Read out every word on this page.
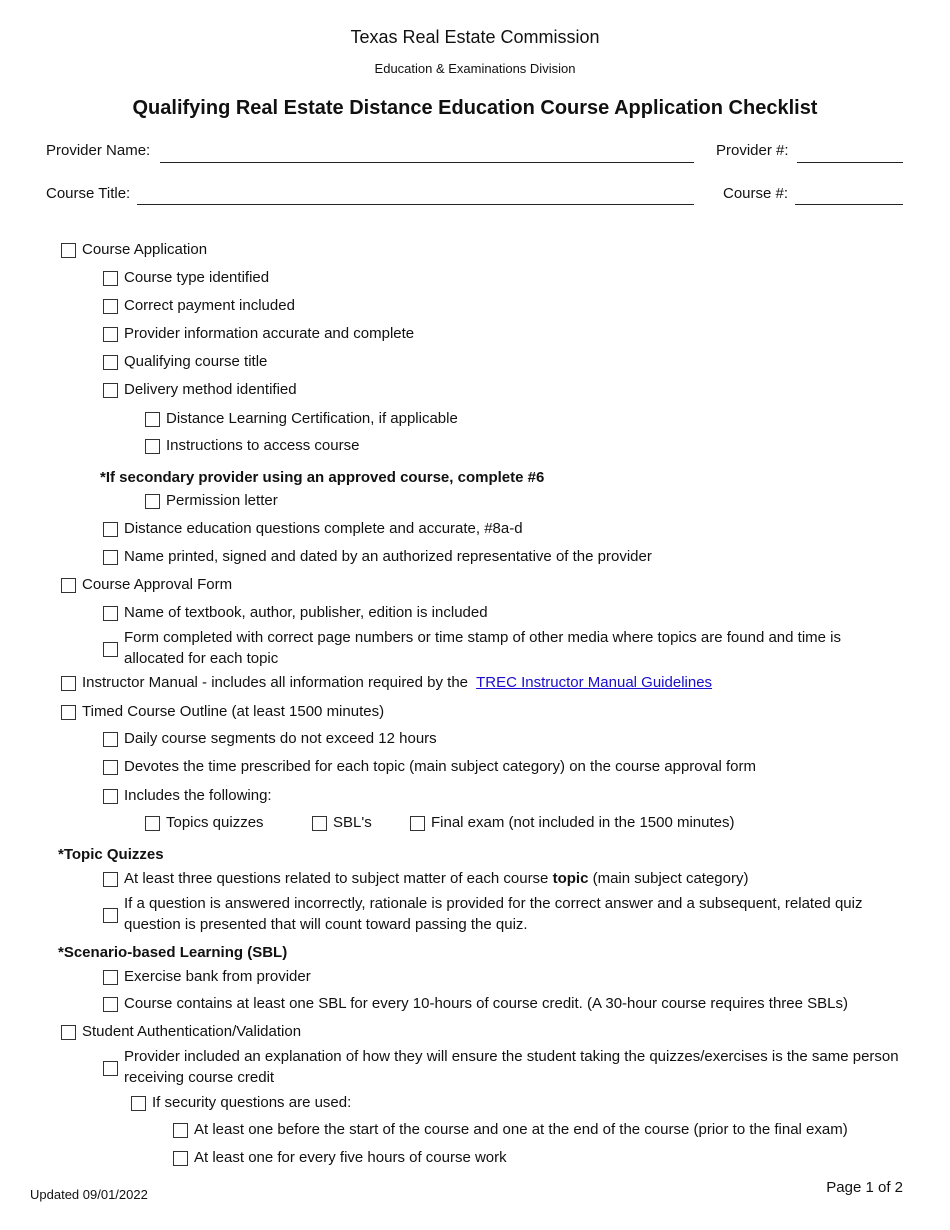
Texas Real Estate Commission
Education & Examinations Division
Qualifying Real Estate Distance Education Course Application Checklist
Provider Name:	Provider #:
Course Title:	Course #:
Course Application
Course type identified
Correct payment included
Provider information accurate and complete
Qualifying course title
Delivery method identified
Distance Learning Certification, if applicable
Instructions to access course
*If secondary provider using an approved course, complete #6
Permission letter
Distance education questions complete and accurate, #8a-d
Name printed, signed and dated by an authorized representative of the provider
Course Approval Form
Name of textbook, author, publisher, edition is included
Form completed with correct page numbers or time stamp of other media where topics are found and time is allocated for each topic
Instructor Manual - includes all information required by the TREC Instructor Manual Guidelines
Timed Course Outline (at least 1500 minutes)
Daily course segments do not exceed 12 hours
Devotes the time prescribed for each topic (main subject category) on the course approval form
Includes the following:
Topics quizzes	SBL's	Final exam (not included in the 1500 minutes)
*Topic Quizzes
At least three questions related to subject matter of each course topic (main subject category)
If a question is answered incorrectly, rationale is provided for the correct answer and a subsequent, related quiz question is presented that will count toward passing the quiz.
*Scenario-based Learning (SBL)
Exercise bank from provider
Course contains at least one SBL for every 10-hours of course credit. (A 30-hour course requires three SBLs)
Student Authentication/Validation
Provider included an explanation of how they will ensure the student taking the quizzes/exercises is the same person receiving course credit
If security questions are used:
At least one before the start of the course and one at the end of the course (prior to the final exam)
At least one for every five hours of course work
Updated 09/01/2022	Page 1 of 2
